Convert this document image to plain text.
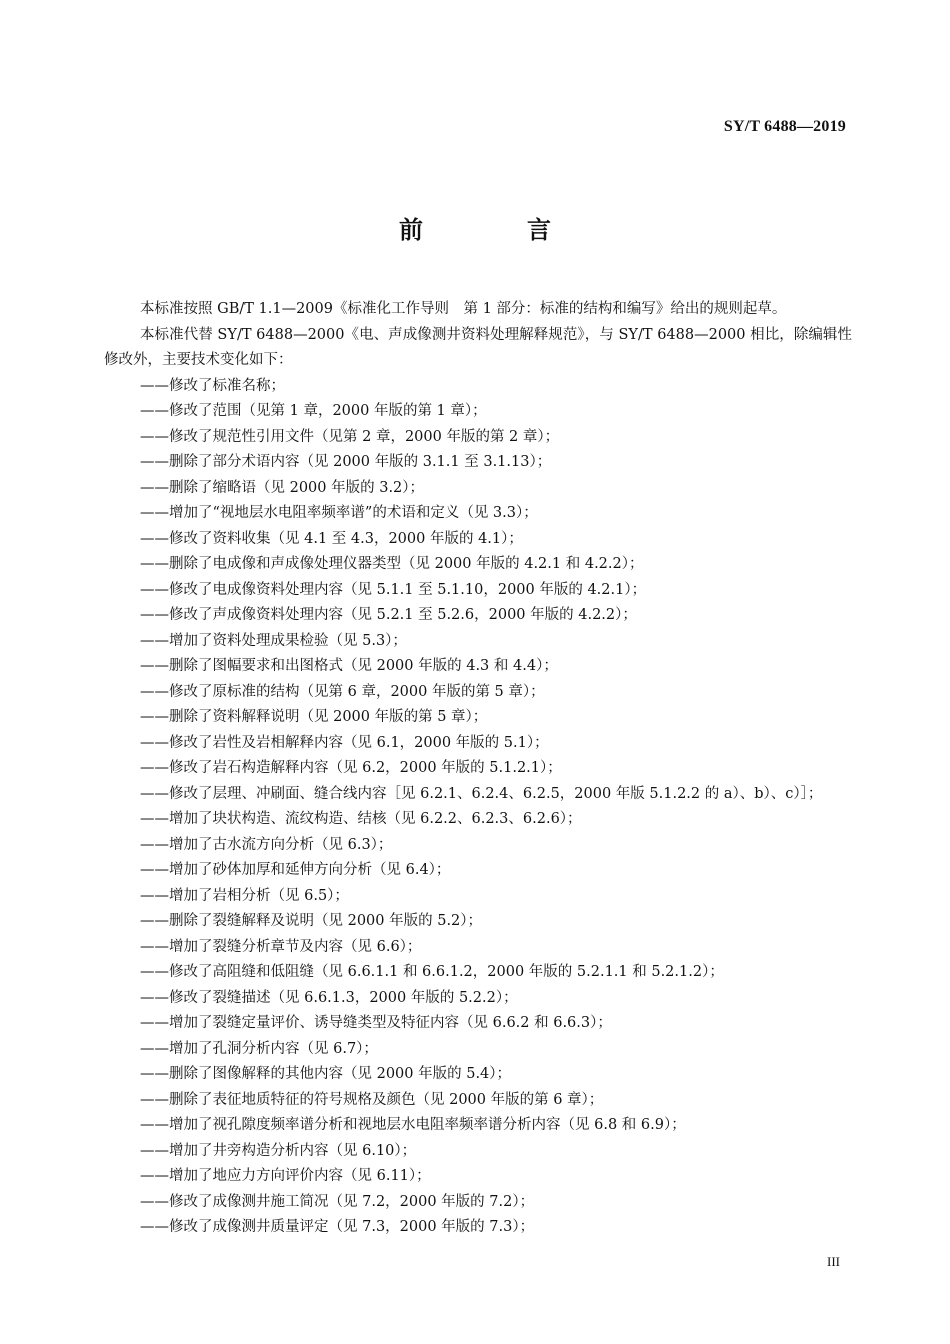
SY/T 6488—2019
前　言

本标准按照 GB/T 1.1—2009《标准化工作导则　第 1 部分：标准的结构和编写》给出的规则起草。

本标准代替 SY/T 6488—2000《电、声成像测井资料处理解释规范》，与 SY/T 6488—2000 相比，除编辑性修改外，主要技术变化如下：

——修改了标准名称；
——修改了范围（见第 1 章，2000 年版的第 1 章）；
——修改了规范性引用文件（见第 2 章，2000 年版的第 2 章）；
——删除了部分术语内容（见 2000 年版的 3.1.1 至 3.1.13）；
——删除了缩略语（见 2000 年版的 3.2）；
——增加了“视地层水电阻率频率谱”的术语和定义（见 3.3）；
——修改了资料收集（见 4.1 至 4.3，2000 年版的 4.1）；
——删除了电成像和声成像处理仪器类型（见 2000 年版的 4.2.1 和 4.2.2）；
——修改了电成像资料处理内容（见 5.1.1 至 5.1.10，2000 年版的 4.2.1）；
——修改了声成像资料处理内容（见 5.2.1 至 5.2.6，2000 年版的 4.2.2）；
——增加了资料处理成果检验（见 5.3）；
——删除了图幅要求和出图格式（见 2000 年版的 4.3 和 4.4）；
——修改了原标准的结构（见第 6 章，2000 年版的第 5 章）；
——删除了资料解释说明（见 2000 年版的第 5 章）；
——修改了岩性及岩相解释内容（见 6.1，2000 年版的 5.1）；
——修改了岩石构造解释内容（见 6.2，2000 年版的 5.1.2.1）；
——修改了层理、冲刷面、缝合线内容［见 6.2.1、6.2.4、6.2.5，2000 年版 5.1.2.2 的 a）、b）、c）］；
——增加了块状构造、流纹构造、结核（见 6.2.2、6.2.3、6.2.6）；
——增加了古水流方向分析（见 6.3）；
——增加了砂体加厚和延伸方向分析（见 6.4）；
——增加了岩相分析（见 6.5）；
——删除了裂缝解释及说明（见 2000 年版的 5.2）；
——增加了裂缝分析章节及内容（见 6.6）；
——修改了高阻缝和低阻缝（见 6.6.1.1 和 6.6.1.2，2000 年版的 5.2.1.1 和 5.2.1.2）；
——修改了裂缝描述（见 6.6.1.3，2000 年版的 5.2.2）；
——增加了裂缝定量评价、诱导缝类型及特征内容（见 6.6.2 和 6.6.3）；
——增加了孔洞分析内容（见 6.7）；
——删除了图像解释的其他内容（见 2000 年版的 5.4）；
——删除了表征地质特征的符号规格及颜色（见 2000 年版的第 6 章）；
——增加了视孔隙度频率谱分析和视地层水电阻率频率谱分析内容（见 6.8 和 6.9）；
——增加了井旁构造分析内容（见 6.10）；
——增加了地应力方向评价内容（见 6.11）；
——修改了成像测井施工简况（见 7.2，2000 年版的 7.2）；
——修改了成像测井质量评定（见 7.3，2000 年版的 7.3）；
III
